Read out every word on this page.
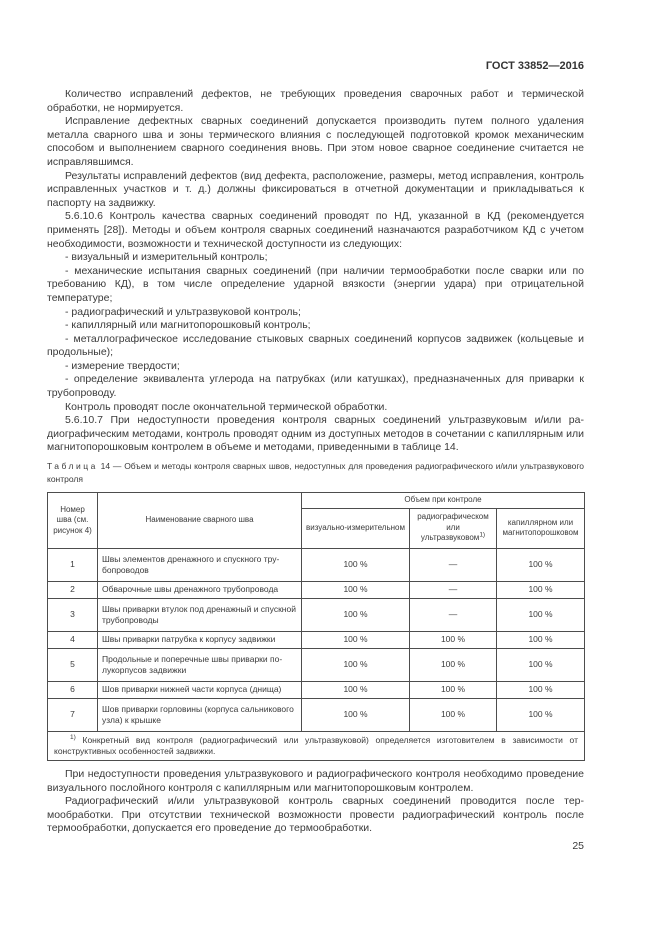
ГОСТ 33852—2016

Количество исправлений дефектов, не требующих проведения сварочных работ и термической обработки, не нормируется.

Исправление дефектных сварных соединений допускается производить путем полного удаления металла сварного шва и зоны термического влияния с последующей подготовкой кромок механическим способом и выполнением сварного соединения вновь. При этом новое сварное соединение считается не исправлявшимся.

Результаты исправлений дефектов (вид дефекта, расположение, размеры, метод исправления, контроль исправленных участков и т. д.) должны фиксироваться в отчетной документации и прикладываться к паспорту на задвижку.

5.6.10.6 Контроль качества сварных соединений проводят по НД, указанной в КД (рекомендуется применять [28]). Методы и объем контроля сварных соединений назначаются разработчиком КД с учетом необходимости, возможности и технической доступности из следующих:

- визуальный и измерительный контроль;

- механические испытания сварных соединений (при наличии термообработки после сварки или по требованию КД), в том числе определение ударной вязкости (энергии удара) при отрицательной температуре;

- радиографический и ультразвуковой контроль;

- капиллярный или магнитопорошковый контроль;

- металлографическое исследование стыковых сварных соединений корпусов задвижек (кольцевые и продольные);

- измерение твердости;

- определение эквивалента углерода на патрубках (или катушках), предназначенных для приварки к трубопроводу.

Контроль проводят после окончательной термической обработки.

5.6.10.7 При недоступности проведения контроля сварных соединений ультразвуковым и/или радиографическим методами, контроль проводят одним из доступных методов в сочетании с капиллярным или магнитопорошковым контролем в объеме и методами, приведенными в таблице 14.

Таблица 14 — Объем и методы контроля сварных швов, недоступных для проведения радиографического и/или ультразвукового контроля

Номер шва (см. рисунок 4)	Наименование сварного шва	Объем при контроле		
		визуально-измерительном	радиографическом или ультразвуковом$^{1)}$	капиллярном или магнитопорошковом
1	Швы элементов дренажного и спускного трубопроводов	100 %	—	100 %
2	Обварочные швы дренажного трубопровода	100 %	—	100 %
3	Швы приварки втулок под дренажный и спускной трубопроводы	100 %	—	100 %
4	Швы приварки патрубка к корпусу задвижки	100 %	100 %	100 %
5	Продольные и поперечные швы приварки полукорпусов задвижки	100 %	100 %	100 %
6	Шов приварки нижней части корпуса (днища)	100 %	100 %	100 %
7	Шов приварки горловины (корпуса сальникового узла) к крышке	100 %	100 %	100 %

$^{1)}$ Конкретный вид контроля (радиографический или ультразвуковой) определяется изготовителем в зависимости от конструктивных особенностей задвижки.				

При недоступности проведения ультразвукового и радиографического контроля необходимо проведение визуального послойного контроля с капиллярным или магнитопорошковым контролем.

Радиографический и/или ультразвуковой контроль сварных соединений проводится после термообработки. При отсутствии технической возможности провести радиографический контроль после термообработки, допускается его проведение до термообработки.

25
